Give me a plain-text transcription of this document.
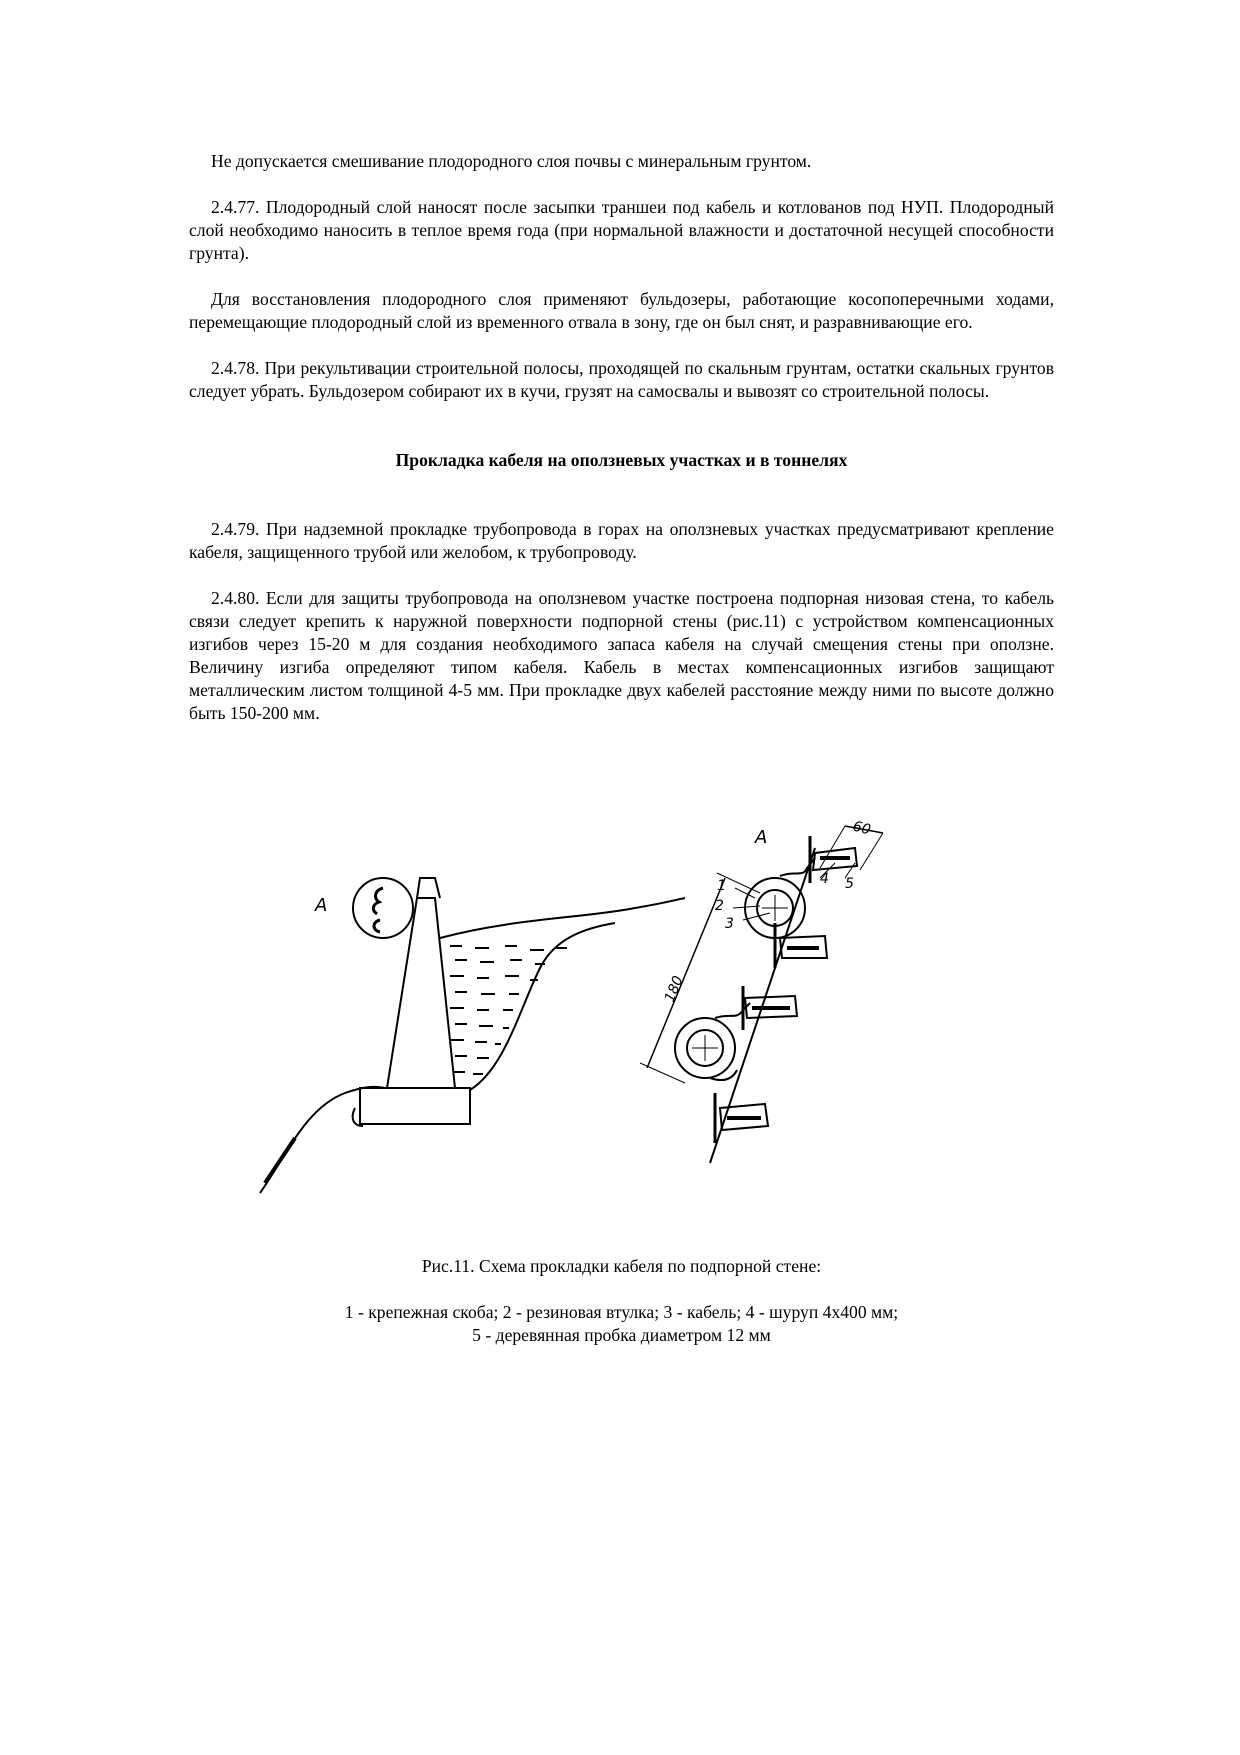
Не допускается смешивание плодородного слоя почвы с минеральным грунтом.

2.4.77. Плодородный слой наносят после засыпки траншеи под кабель и котлованов под НУП. Плодородный слой необходимо наносить в теплое время года (при нормальной влажности и достаточной несущей способности грунта).

Для восстановления плодородного слоя применяют бульдозеры, работающие косопоперечными ходами, перемещающие плодородный слой из временного отвала в зону, где он был снят, и разравнивающие его.

2.4.78. При рекультивации строительной полосы, проходящей по скальным грунтам, остатки скальных грунтов следует убрать. Бульдозером собирают их в кучи, грузят на самосвалы и вывозят со строительной полосы.

Прокладка кабеля на оползневых участках и в тоннелях

2.4.79. При надземной прокладке трубопровода в горах на оползневых участках предусматривают крепление кабеля, защищенного трубой или желобом, к трубопроводу.

2.4.80. Если для защиты трубопровода на оползневом участке построена подпорная низовая стена, то кабель связи следует крепить к наружной поверхности подпорной стены (рис.11) с устройством компенсационных изгибов через 15-20 м для создания необходимого запаса кабеля на случай смещения стены при оползне. Величину изгиба определяют типом кабеля. Кабель в местах компенсационных изгибов защищают металлическим листом толщиной 4-5 мм. При прокладке двух кабелей расстояние между ними по высоте должно быть 150-200 мм.

A
A	60
180
1
2
3
4 5
Рис.11. Схема прокладки кабеля по подпорной стене:
1 - крепежная скоба; 2 - резиновая втулка; 3 - кабель; 4 - шуруп 4х400 мм;
5 - деревянная пробка диаметром 12 мм
